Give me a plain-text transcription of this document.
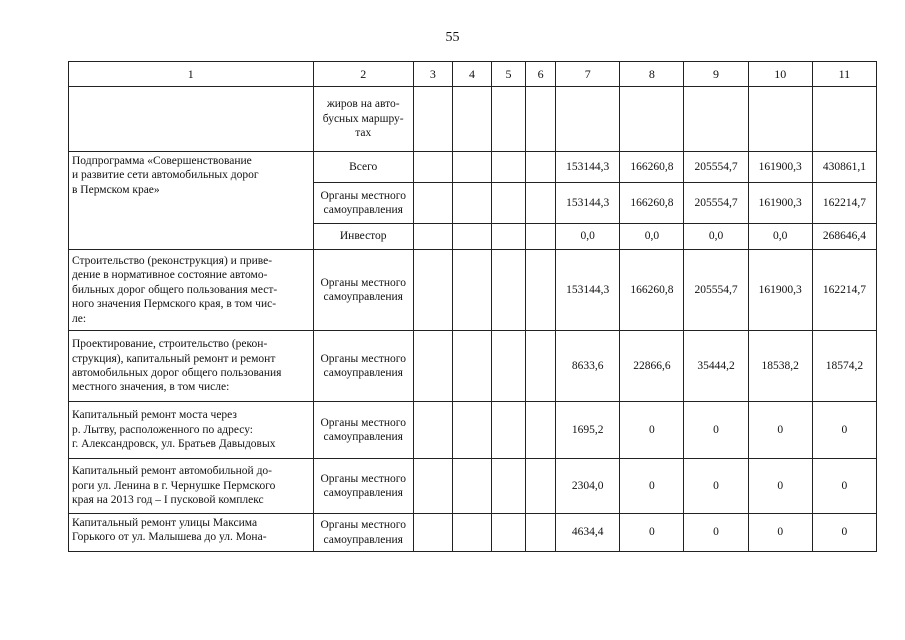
55
1	2	3	4	5	6	7	8	9	10	11
	жиров на авто-
бусных маршру-
тах									
Подпрограмма «Совершенствование
и развитие сети автомобильных дорог
в Пермском крае»	Всего					153144,3	166260,8	205554,7	161900,3	430861,1
	Органы местного
самоуправления					153144,3	166260,8	205554,7	161900,3	162214,7
	Инвестор					0,0	0,0	0,0	0,0	268646,4
Строительство (реконструкция) и приве-
дение в нормативное состояние автомо-
бильных дорог общего пользования мест-
ного значения Пермского края, в том чис-
ле:	Органы местного
самоуправления					153144,3	166260,8	205554,7	161900,3	162214,7
Проектирование, строительство (рекон-
струкция), капитальный ремонт и ремонт
автомобильных дорог общего пользования
местного значения, в том числе:	Органы местного
самоуправления					8633,6	22866,6	35444,2	18538,2	18574,2
Капитальный ремонт моста через
р. Лытву, расположенного по адресу:
г. Александровск, ул. Братьев Давыдовых	Органы местного
самоуправления					1695,2	0	0	0	0
Капитальный ремонт автомобильной до-
роги ул. Ленина в г. Чернушке Пермского
края на 2013 год – I пусковой комплекс	Органы местного
самоуправления					2304,0	0	0	0	0
Капитальный ремонт улицы Максима
Горького от ул. Малышева до ул. Мона-	Органы местного
самоуправления					4634,4	0	0	0	0
